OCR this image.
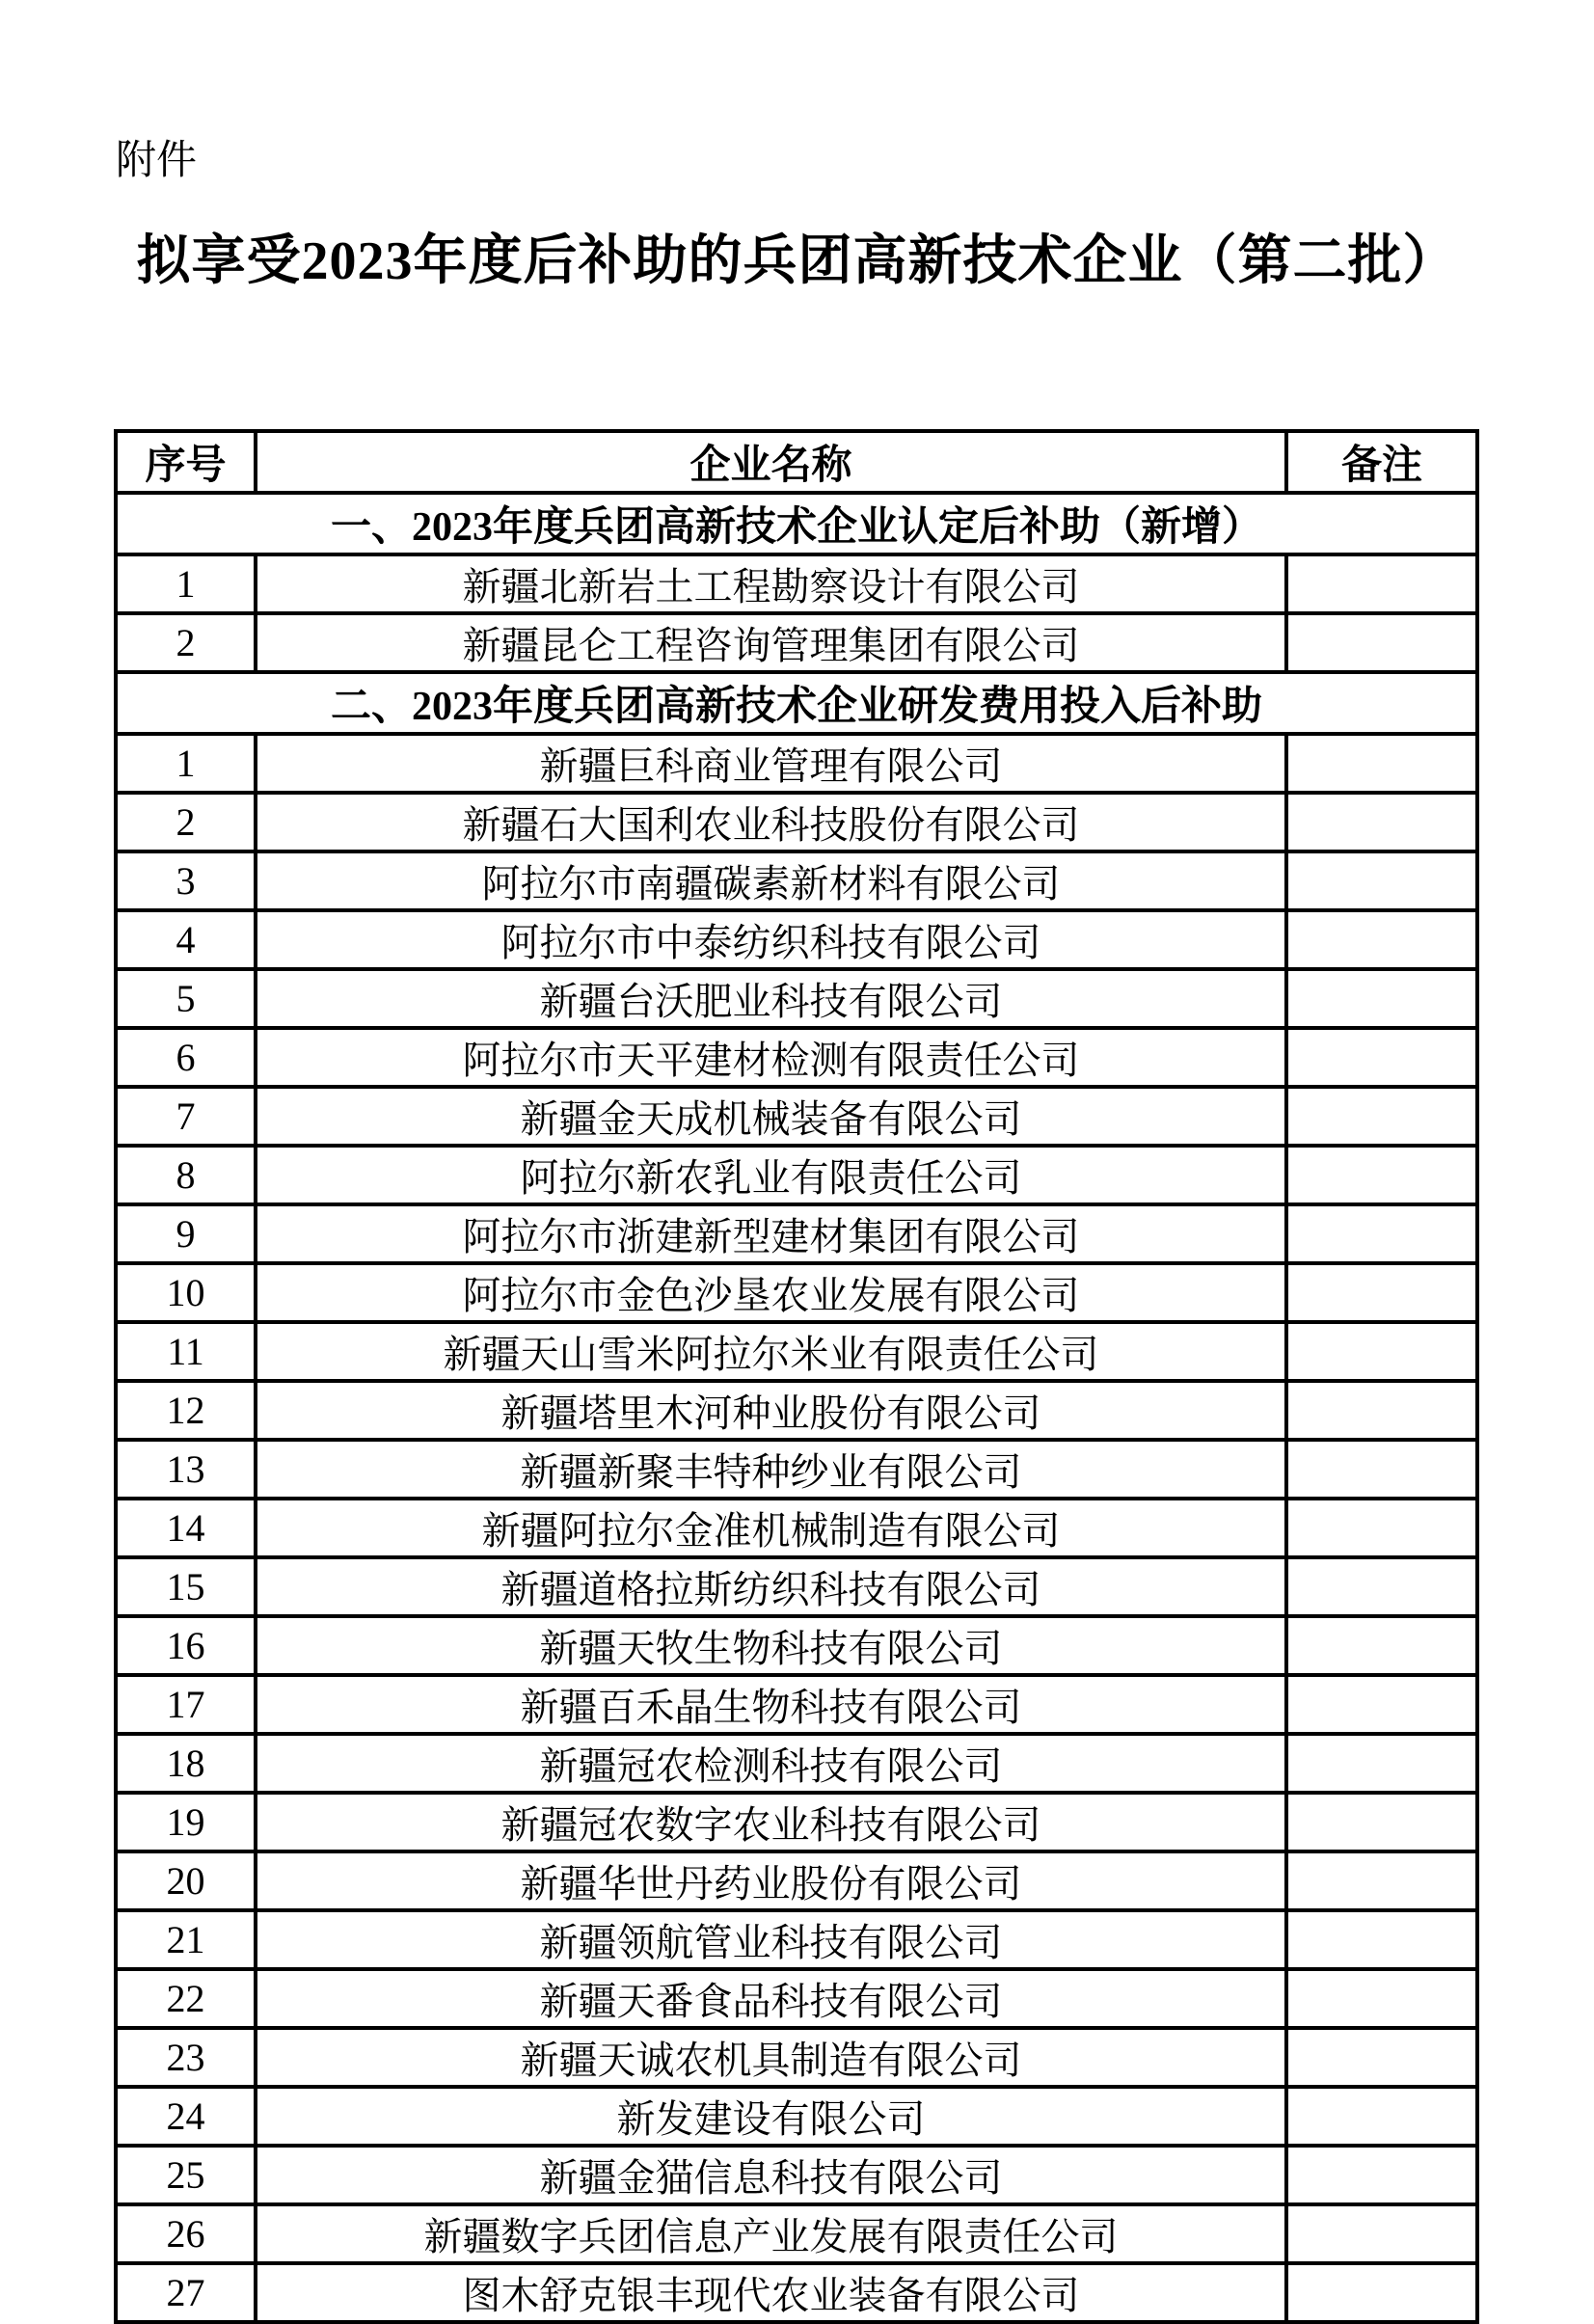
附件
拟享受2023年度后补助的兵团高新技术企业（第二批）
序号	企业名称	备注
一、2023年度兵团高新技术企业认定后补助（新增）		
1	新疆北新岩土工程勘察设计有限公司	
2	新疆昆仑工程咨询管理集团有限公司	
二、2023年度兵团高新技术企业研发费用投入后补助		
1	新疆巨科商业管理有限公司	
2	新疆石大国利农业科技股份有限公司	
3	阿拉尔市南疆碳素新材料有限公司	
4	阿拉尔市中泰纺织科技有限公司	
5	新疆台沃肥业科技有限公司	
6	阿拉尔市天平建材检测有限责任公司	
7	新疆金天成机械装备有限公司	
8	阿拉尔新农乳业有限责任公司	
9	阿拉尔市浙建新型建材集团有限公司	
10	阿拉尔市金色沙垦农业发展有限公司	
11	新疆天山雪米阿拉尔米业有限责任公司	
12	新疆塔里木河种业股份有限公司	
13	新疆新聚丰特种纱业有限公司	
14	新疆阿拉尔金准机械制造有限公司	
15	新疆道格拉斯纺织科技有限公司	
16	新疆天牧生物科技有限公司	
17	新疆百禾晶生物科技有限公司	
18	新疆冠农检测科技有限公司	
19	新疆冠农数字农业科技有限公司	
20	新疆华世丹药业股份有限公司	
21	新疆领航管业科技有限公司	
22	新疆天番食品科技有限公司	
23	新疆天诚农机具制造有限公司	
24	新发建设有限公司	
25	新疆金猫信息科技有限公司	
26	新疆数字兵团信息产业发展有限责任公司	
27	图木舒克银丰现代农业装备有限公司	
